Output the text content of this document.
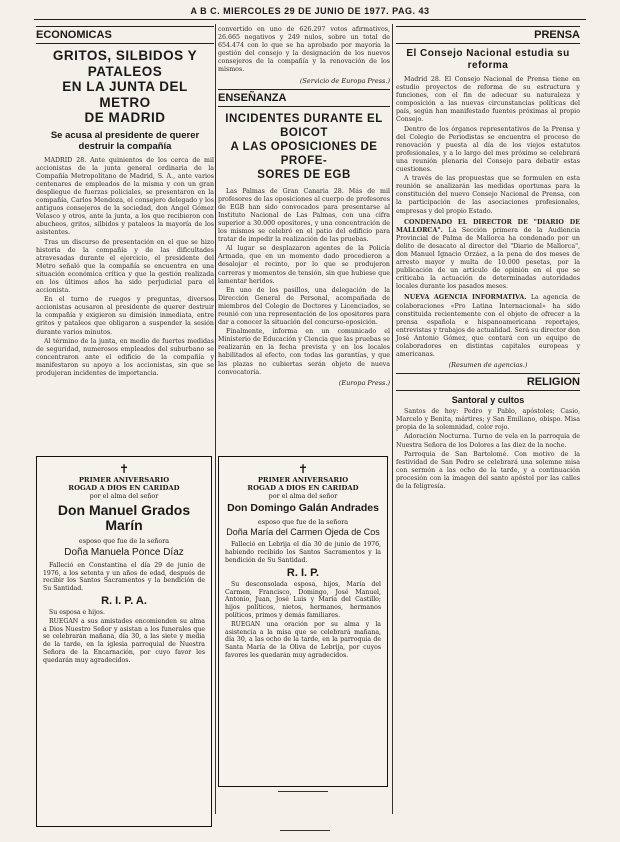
A B C. MIERCOLES 29 DE JUNIO DE 1977. PAG. 43
ECONOMICAS
GRITOS, SILBIDOS Y PATALEOS
EN LA JUNTA DEL METRO
DE MADRID
Se acusa al presidente de querer destruir la compañía

MADRID 28. Ante quinientos de los cerca de mil accionistas de la junta general ordinaria de la Compañía Metropolitano de Madrid, S. A., ante varios centenares de empleados de la misma y con un gran despliegue de fuerzas policiales, se presentaron en la compañía, Carlos Mendoza, el consejero delegado y los antiguos consejeros de la sociedad, don Angel Gómez Velasco y otros, ante la junta, a los que recibieron con abucheos, gritos, silbidos y pataleos la mayoría de los asistentes.

Tras un discurso de presentación en el que se hizo historia de la compañía y de las dificultades atravesadas durante el ejercicio, el presidente del Metro señaló que la compañía se encuentra en una situación económica crítica y que la gestión realizada en los últimos años ha sido perjudicial para el accionista.

En el turno de ruegos y preguntas, diversos accionistas acusaron al presidente de querer destruir la compañía y exigieron su dimisión inmediata, entre gritos y pataleos que obligaron a suspender la sesión durante varios minutos.

Al término de la junta, en medio de fuertes medidas de seguridad, numerosos empleados del suburbano se concentraron ante el edificio de la compañía y manifestaron su apoyo a los accionistas, sin que se produjeran incidentes de importancia.

✝
PRIMER ANIVERSARIO
ROGAD A DIOS EN CARIDAD
por el alma del señor
Don Manuel Grados Marín
esposo que fue de la señora
Doña Manuela Ponce Díaz

Falleció en Constantina el día 29 de junio de 1976, a los setenta y un años de edad, después de recibir los Santos Sacramentos y la bendición de Su Santidad.

R. I. P. A.

Su esposa e hijos.

RUEGAN a sus amistades encomienden su alma a Dios Nuestro Señor y asistan a los funerales que se celebrarán mañana, día 30, a las siete y media de la tarde, en la iglesia parroquial de Nuestra Señora de la Encarnación, por cuyo favor les quedarán muy agradecidos.

convertido en uno de 626.297 votos afirmativos, 26.665 negativos y 249 nulos, sobre un total de 654.474 con lo que se ha aprobado por mayoría la gestión del consejo y la designación de los nuevos consejeros de la compañía y la renovación de los mismos.

(Servicio de Europa Press.)
ENSEÑANZA
INCIDENTES DURANTE EL BOICOT
A LAS OPOSICIONES DE PROFE-
SORES DE EGB

Las Palmas de Gran Canaria 28. Más de mil profesores de las oposiciones al cuerpo de profesores de EGB han sido convocados para presentarse al Instituto Nacional de Las Palmas, con una cifra superior a 30.000 opositores, y una concentración de los mismos se celebró en el patio del edificio para tratar de impedir la realización de las pruebas.

Al lugar se desplazaron agentes de la Policía Armada, que en un momento dado procedieron a desalojar el recinto, por lo que se produjeron carreras y momentos de tensión, sin que hubiese que lamentar heridos.

En uno de los pasillos, una delegación de la Dirección General de Personal, acompañada de miembros del Colegio de Doctores y Licenciados, se reunió con una representación de los opositores para dar a conocer la situación del concurso-oposición.

Finalmente, informa en un comunicado el Ministerio de Educación y Ciencia que las pruebas se realizarán en la fecha prevista y en los locales habilitados al efecto, con todas las garantías, y que las plazas no cubiertas serán objeto de nueva convocatoria.

(Europa Press.)
✝
PRIMER ANIVERSARIO
ROGAD A DIOS EN CARIDAD
por el alma del señor
Don Domingo Galán Andrades
esposo que fue de la señora
Doña María del Carmen Ojeda de Cos

Falleció en Lebrija el día 30 de junio de 1976, habiendo recibido los Santos Sacramentos y la bendición de Su Santidad.

R. I. P.

Su desconsolada esposa, hijos, María del Carmen, Francisco, Domingo, José Manuel, Antonio, Juan, José Luis y María del Castillo; hijos políticos, nietos, hermanos, hermanos políticos, primos y demás familiares.

RUEGAN una oración por su alma y la asistencia a la misa que se celebrará mañana, día 30, a las ocho de la tarde, en la parroquia de Santa María de la Oliva de Lebrija, por cuyos favores les quedarán muy agradecidos.

PRENSA
El Consejo Nacional estudia su reforma

Madrid 28. El Consejo Nacional de Prensa tiene en estudio proyectos de reforma de su estructura y funciones, con el fin de adecuar su naturaleza y composición a las nuevas circunstancias políticas del país, según han manifestado fuentes próximas al propio Consejo.

Dentro de los órganos representativos de la Prensa y del Colegio de Periodistas se encuentra el proceso de renovación y puesta al día de los viejos estatutos profesionales, y a lo largo del mes próximo se celebrará una reunión plenaria del Consejo para debatir estas cuestiones.

A través de las propuestas que se formulen en esta reunión se analizarán las medidas oportunas para la constitución del nuevo Consejo Nacional de Prensa, con la participación de las asociaciones profesionales, empresas y del propio Estado.

CONDENADO EL DIRECTOR DE "DIARIO DE MALLORCA". La Sección primera de la Audiencia Provincial de Palma de Mallorca ha condenado por un delito de desacato al director del "Diario de Mallorca", don Manuel Ignacio Orzáez, a la pena de dos meses de arresto mayor y multa de 10.000 pesetas, por la publicación de un artículo de opinión en el que se criticaba la actuación de determinadas autoridades locales durante los pasados meses.

NUEVA AGENCIA INFORMATIVA. La agencia de colaboraciones «Pro Latina Internacional» ha sido constituida recientemente con el objeto de ofrecer a la prensa española e hispanoamericana reportajes, entrevistas y trabajos de actualidad. Será su director don José Antonio Gómez, que contará con un equipo de colaboradores en distintas capitales europeas y americanas.

(Resumen de agencias.)
RELIGION
Santoral y cultos

Santos de hoy: Pedro y Pablo, apóstoles; Casio, Marcelo y Benita, mártires; y San Emiliano, obispo. Misa propia de la solemnidad, color rojo.

Adoración Nocturna. Turno de vela en la parroquia de Nuestra Señora de los Dolores a las diez de la noche.

Parroquia de San Bartolomé. Con motivo de la festividad de San Pedro se celebrará una solemne misa con sermón a las ocho de la tarde, y a continuación procesión con la imagen del santo apóstol por las calles de la feligresía.
